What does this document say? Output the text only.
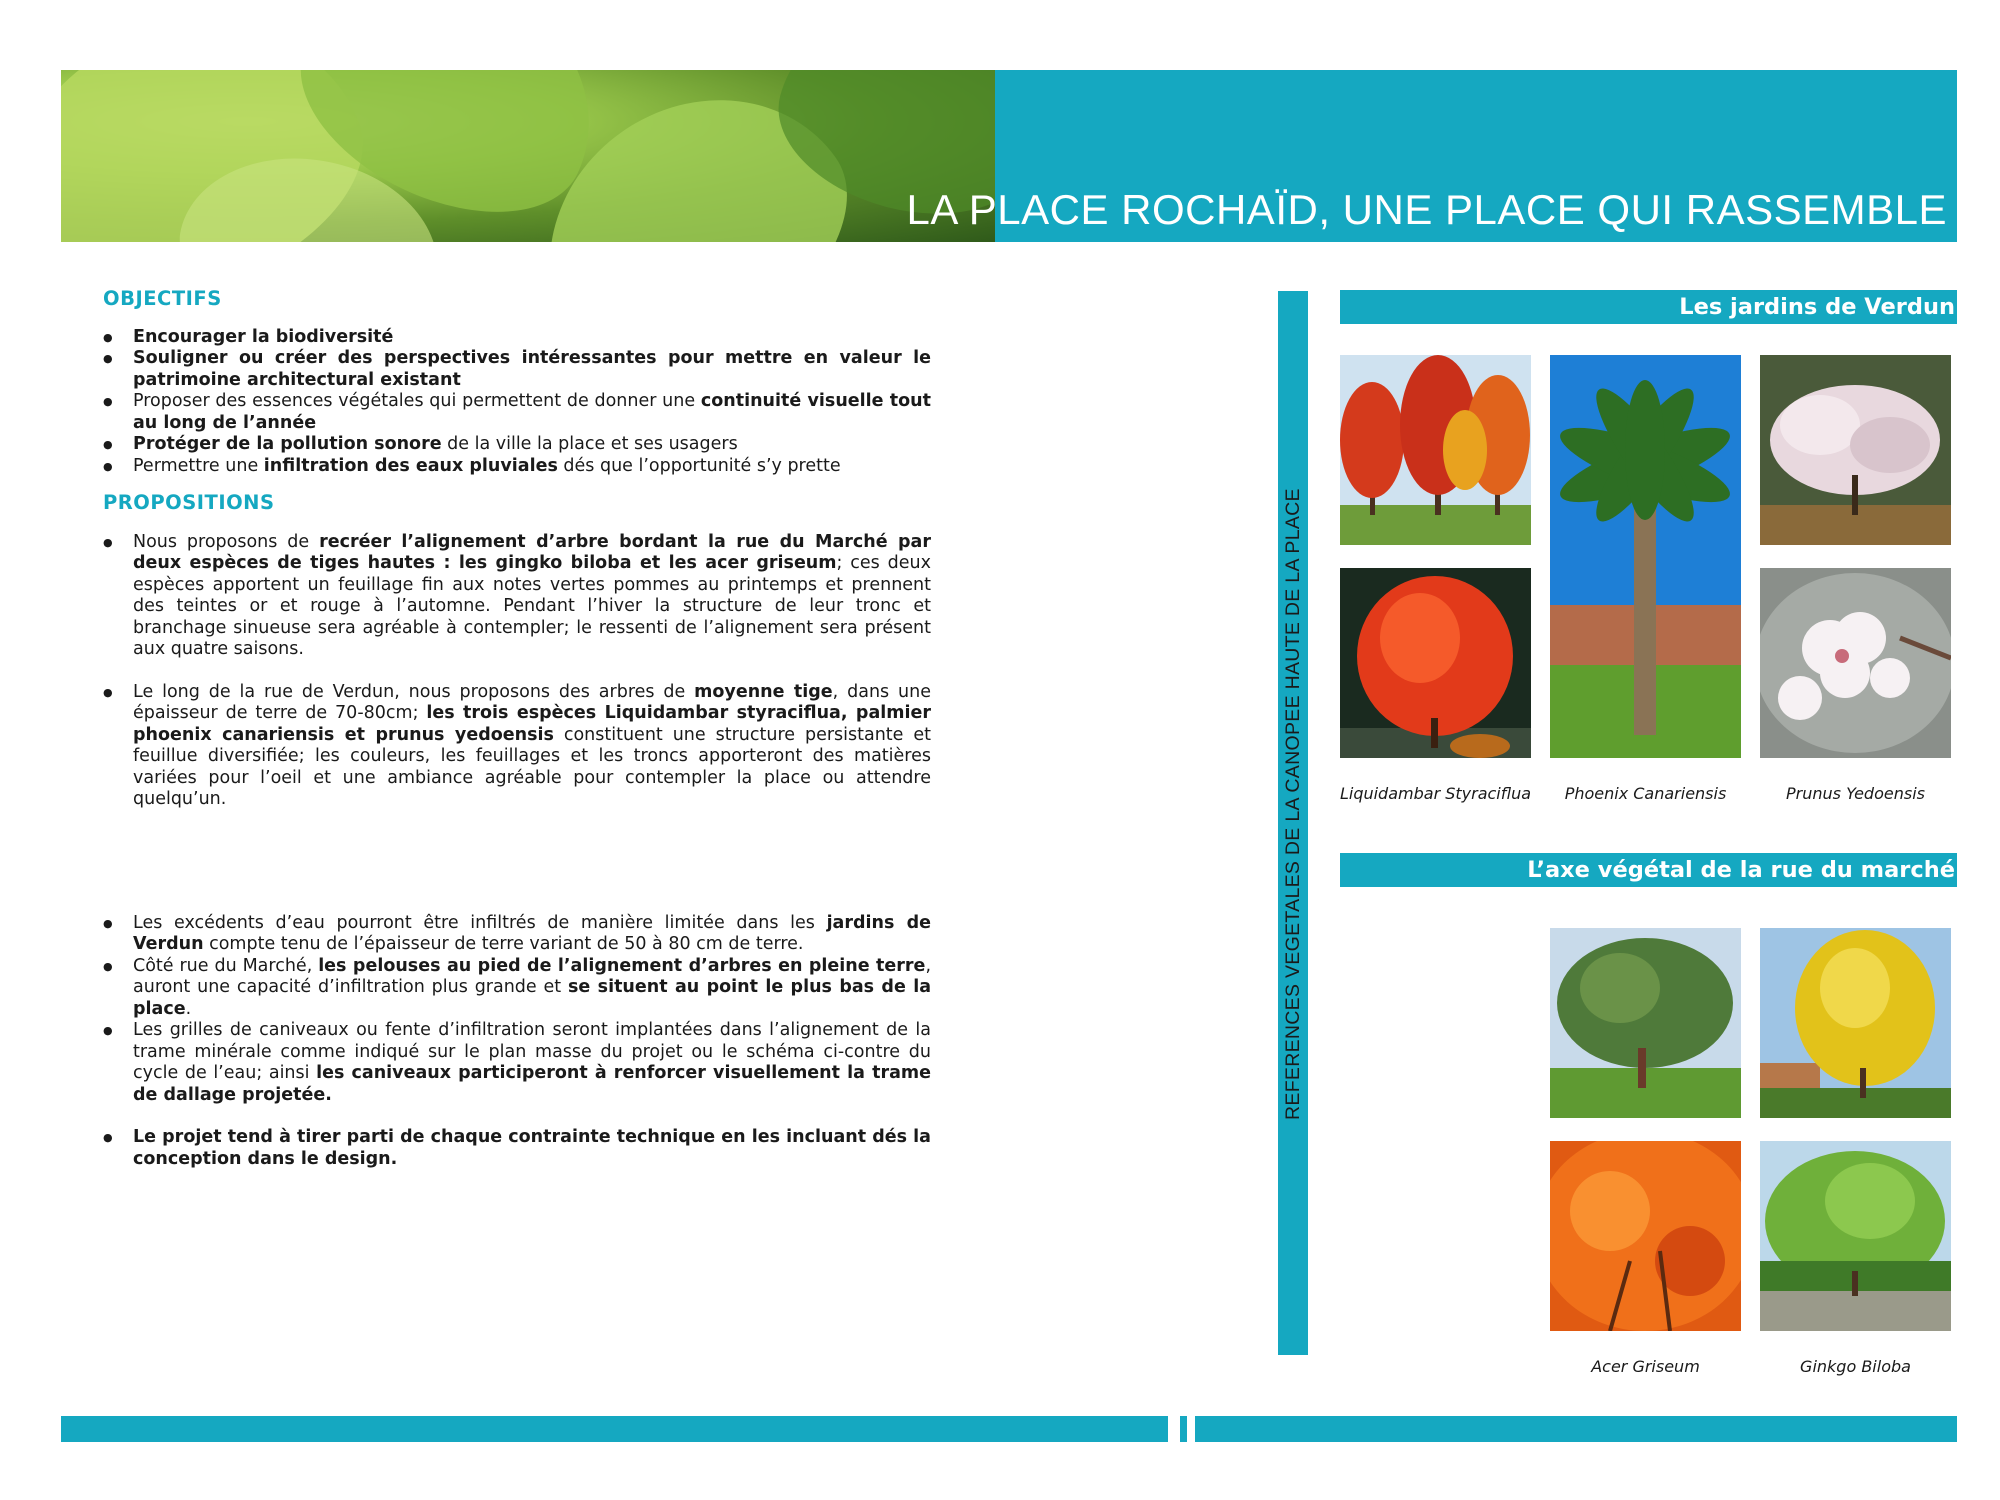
LA PLACE ROCHAÏD, UNE PLACE QUI RASSEMBLE
OBJECTIFS
● Encourager la biodiversité
● Souligner ou créer des perspectives intéressantes pour mettre en valeur le patrimoine architectural existant
● Proposer des essences végétales qui permettent de donner une continuité visuelle tout au long de l’année
● Protéger de la pollution sonore de la ville la place et ses usagers
● Permettre une infiltration des eaux pluviales dés que l’opportunité s’y prette
PROPOSITIONS
● Nous proposons de recréer l’alignement d’arbre bordant la rue du Marché par deux espèces de tiges hautes : les gingko biloba et les acer griseum; ces deux espèces apportent un feuillage fin aux notes vertes pommes au printemps et prennent des teintes or et rouge à l’automne. Pendant l’hiver la structure de leur tronc et branchage sinueuse sera agréable à contempler; le ressenti de l’alignement sera présent aux quatre saisons.
● Le long de la rue de Verdun, nous proposons des arbres de moyenne tige, dans une épaisseur de terre de 70-80cm; les trois espèces Liquidambar styraciflua, palmier phoenix canariensis et prunus yedoensis constituent une structure persistante et feuillue diversifiée; les couleurs, les feuillages et les troncs apporteront des matières variées pour l’oeil et une ambiance agréable pour contempler la place ou attendre quelqu’un.
● Les excédents d’eau pourront être infiltrés de manière limitée dans les jardins de Verdun compte tenu de l’épaisseur de terre variant de 50 à 80 cm de terre.
● Côté rue du Marché, les pelouses au pied de l’alignement d’arbres en pleine terre, auront une capacité d’infiltration plus grande et se situent au point le plus bas de la place.
● Les grilles de caniveaux ou fente d’infiltration seront implantées dans l’alignement de la trame minérale comme indiqué sur le plan masse du projet ou le schéma ci-contre du cycle de l’eau; ainsi les caniveaux participeront à renforcer visuellement la trame de dallage projetée.
● Le projet tend à tirer parti de chaque contrainte technique en les incluant dés la conception dans le design.
REFERENCES VEGETALES DE LA CANOPEE HAUTE DE LA PLACE
Les jardins de Verdun
Liquidambar Styraciflua	Phoenix Canariensis	Prunus Yedoensis
L’axe végétal de la rue du marché
Acer Griseum	Ginkgo Biloba
